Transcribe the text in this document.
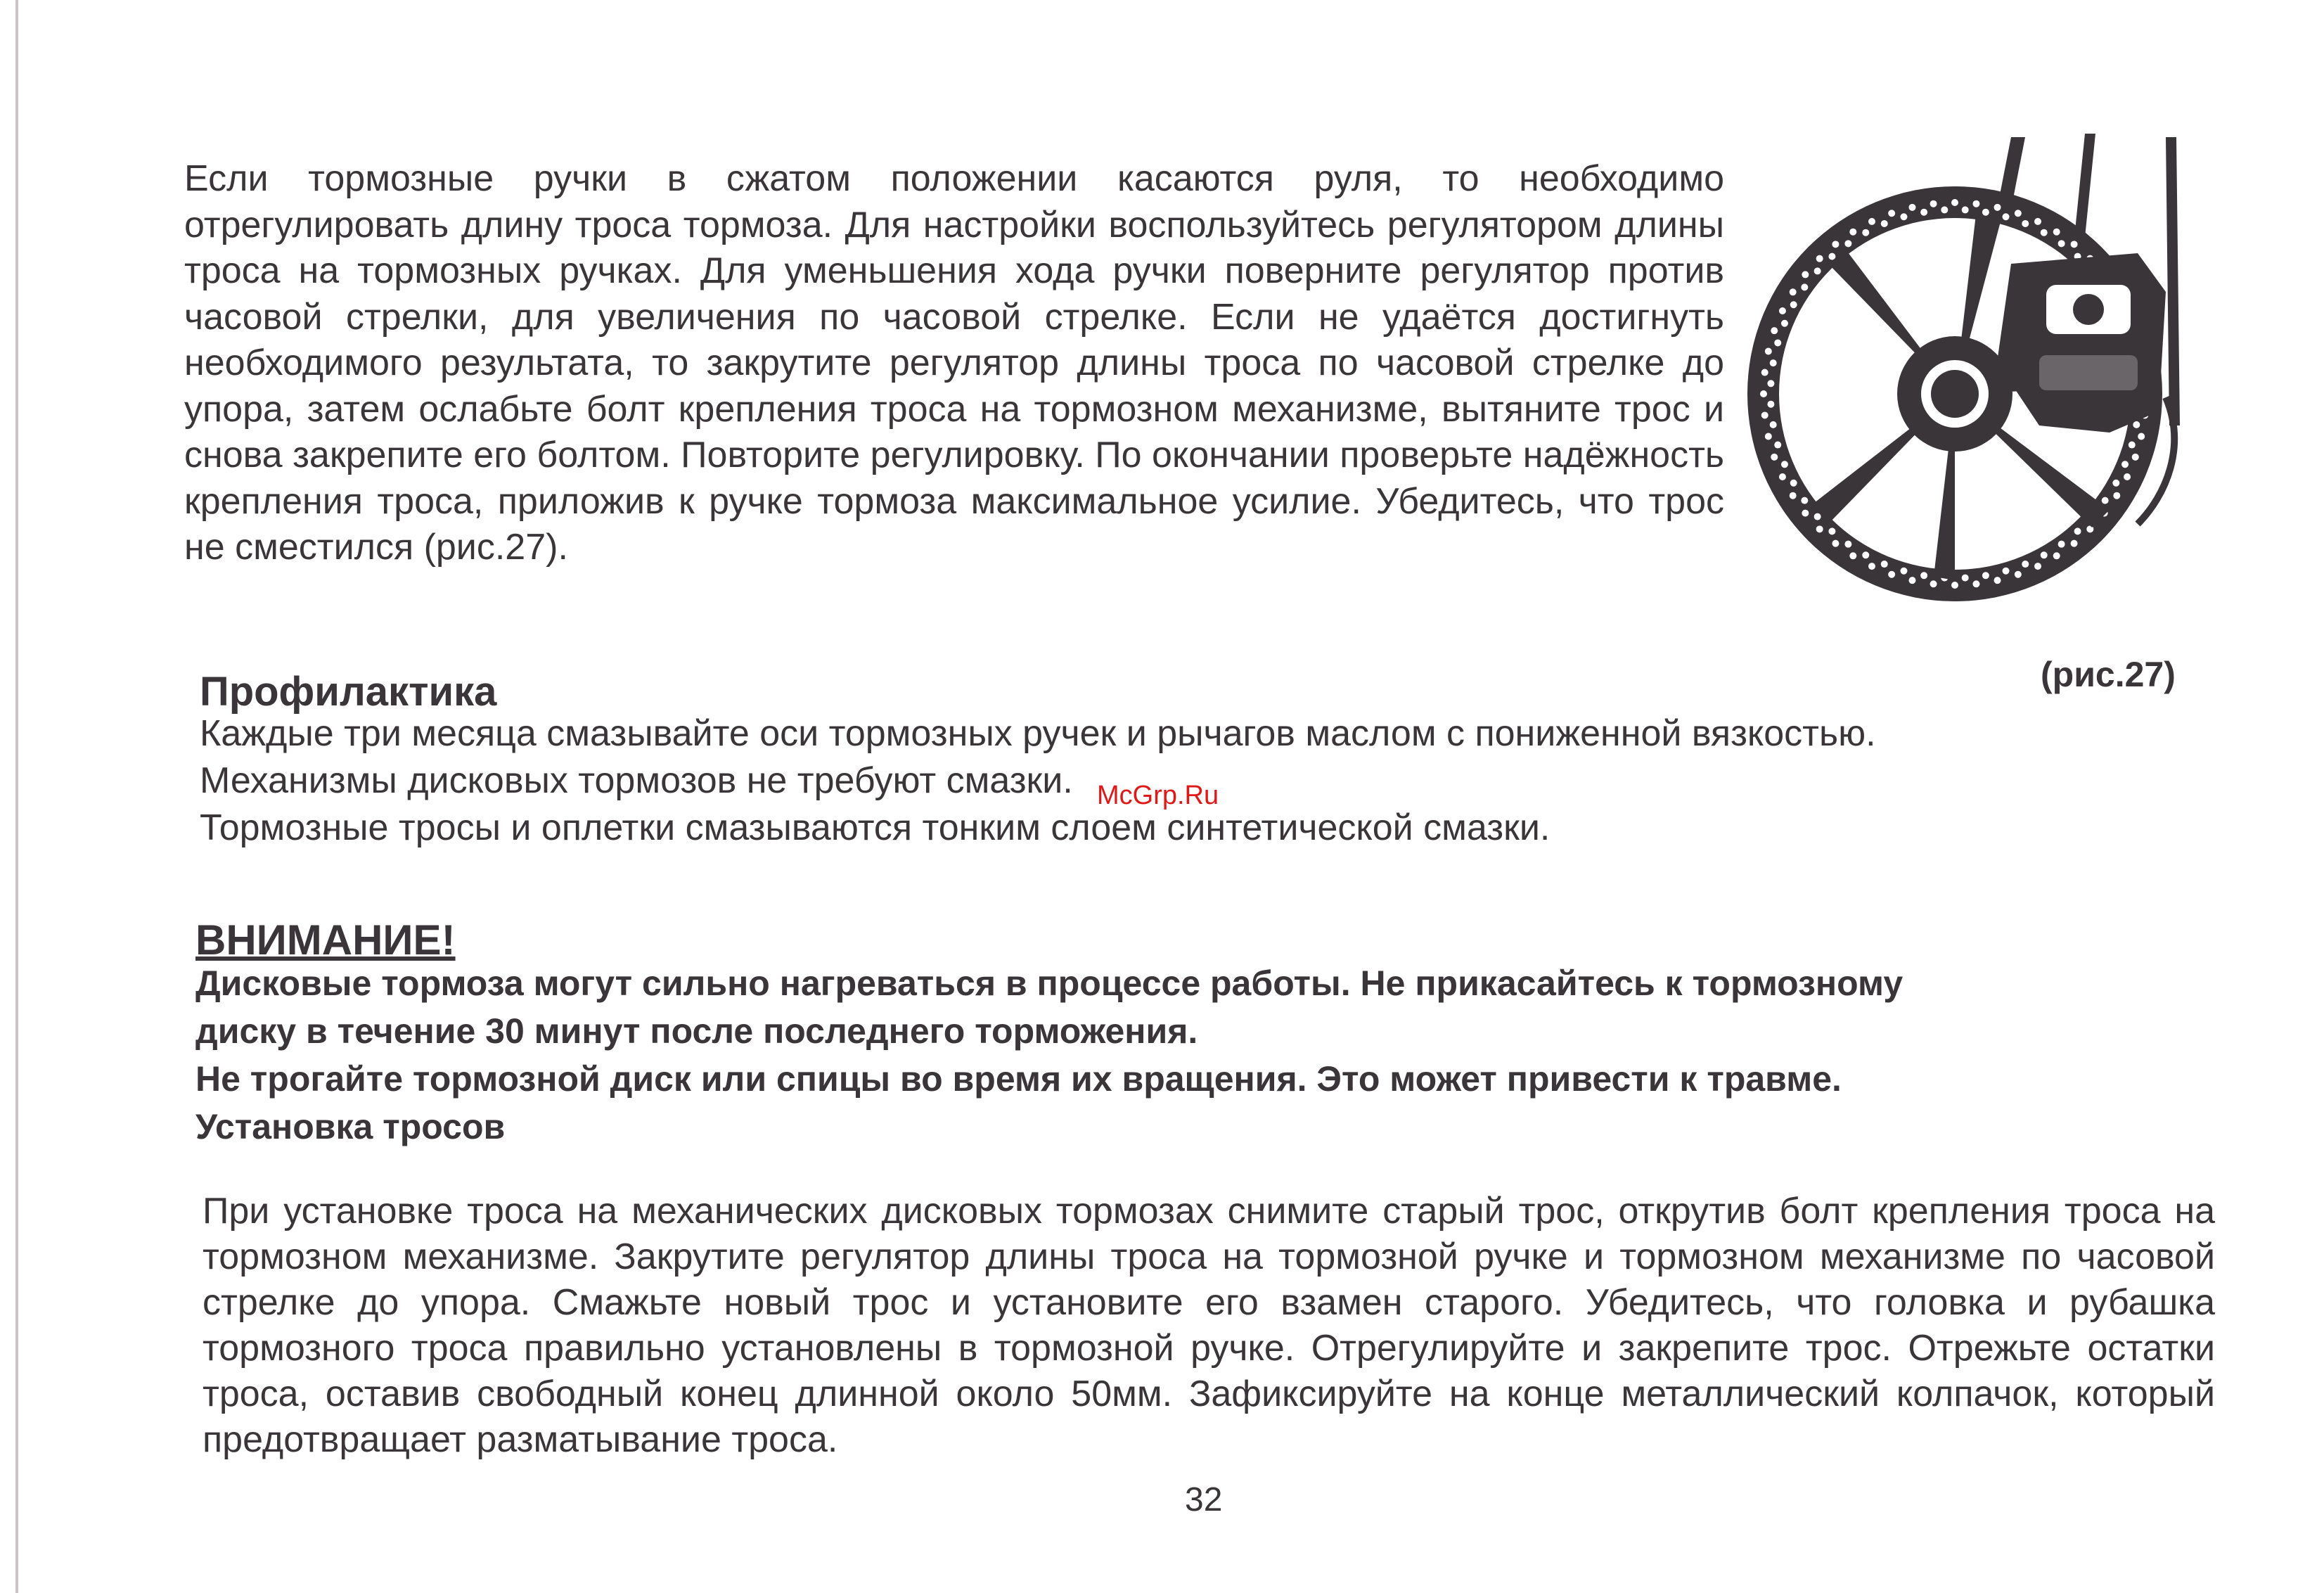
Если тормозные ручки в сжатом положении касаются руля, то необходимо отрегулировать длину троса тормоза. Для настройки воспользуйтесь регулятором длины троса на тормозных ручках. Для уменьшения хода ручки поверните регулятор против часовой стрелки, для увеличения по часовой стрелке. Если не удаётся достигнуть необходимого результата, то закрутите регулятор длины троса по часовой стрелке до упора, затем ослабьте болт крепления троса на тормозном механизме, вытяните трос и снова закрепите его болтом. Повторите регулировку. По окончании проверьте надёжность крепления троса, приложив к ручке тормоза максимальное усилие. Убедитесь, что трос не сместился (рис.27).
(рис.27)
Профилактика
Каждые три месяца смазывайте оси тормозных ручек и рычагов маслом с пониженной вязкостью.
Механизмы дисковых тормозов не требуют смазки.
Тормозные тросы и оплетки смазываются тонким слоем синтетической смазки.
McGrp.Ru
ВНИМАНИЕ!
Дисковые тормоза могут сильно нагреваться в процессе работы. Не прикасайтесь к тормозному
диску в течение 30 минут после последнего торможения.
Не трогайте тормозной диск или спицы во время их вращения. Это может привести к травме.
Установка тросов
При установке троса на механических дисковых тормозах снимите старый трос, открутив болт крепления троса на тормозном механизме. Закрутите регулятор длины троса на тормозной ручке и тормозном механизме по часовой стрелке до упора. Смажьте новый трос и установите его взамен старого. Убедитесь, что головка и рубашка тормозного троса правильно установлены в тормозной ручке. Отрегулируйте и закрепите трос. Отрежьте остатки троса, оставив свободный конец длинной около 50мм. Зафиксируйте на конце металлический колпачок, который предотвращает разматывание троса.
32
